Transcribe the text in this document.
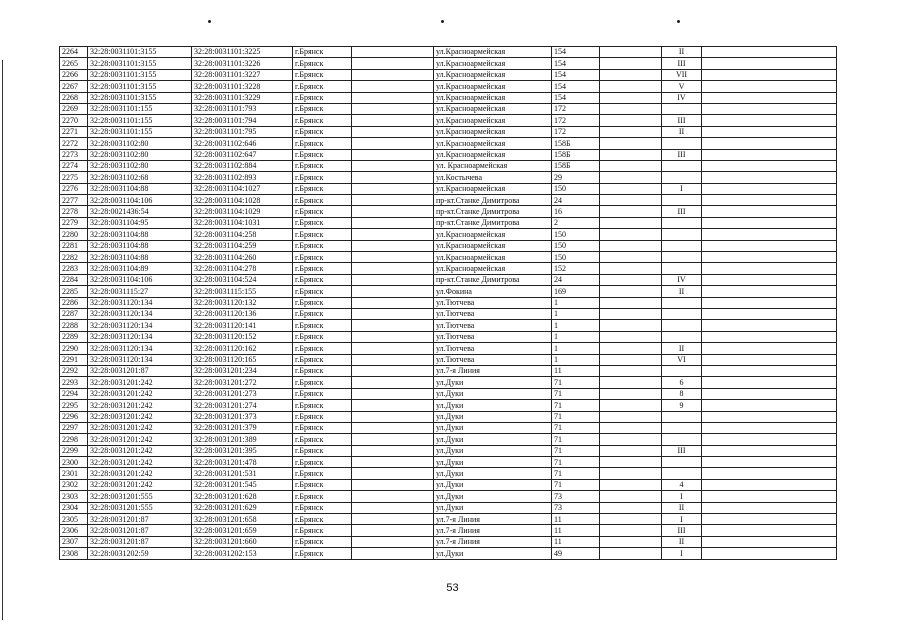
2264	32:28:0031101:3155	32:28:0031101:3225	г.Брянск		ул.Красноармейская	154		II	
2265	32:28:0031101:3155	32:28:0031101:3226	г.Брянск		ул.Красноармейская	154		III	
2266	32:28:0031101:3155	32:28:0031101:3227	г.Брянск		ул.Красноармейская	154		VII	
2267	32:28:0031101:3155	32:28:0031101:3228	г.Брянск		ул.Красноармейская	154		V	
2268	32:28:0031101:3155	32:28:0031101:3229	г.Брянск		ул.Красноармейская	154		IV	
2269	32:28:0031101:155	32:28:0031101:793	г.Брянск		ул.Красноармейская	172			
2270	32:28:0031101:155	32:28:0031101:794	г.Брянск		ул.Красноармейская	172		III	
2271	32:28:0031101:155	32:28:0031101:795	г.Брянск		ул.Красноармейская	172		II	
2272	32:28:0031102:80	32:28:0031102:646	г.Брянск		ул.Красноармейская	158Б			
2273	32:28:0031102:80	32:28:0031102:647	г.Брянск		ул.Красноармейская	158Б		III	
2274	32:28:0031102:80	32:28:0031102:884	г.Брянск		ул. Красноармейская	158Б			
2275	32:28:0031102:68	32:28:0031102:893	г.Брянск		ул.Костычева	29			
2276	32:28:0031104:88	32:28:0031104:1027	г.Брянск		ул.Красноармейская	150		I	
2277	32:28:0031104:106	32:28:0031104:1028	г.Брянск		пр-кт.Станке Димитрова	24			
2278	32:28:0021436:54	32:28:0031104:1029	г.Брянск		пр-кт.Станке Димитрова	16		III	
2279	32:28:0031104:95	32:28:0031104:1031	г.Брянск		пр-кт.Станке Димитрова	2			
2280	32:28:0031104:88	32:28:0031104:258	г.Брянск		ул.Красноармейская	150			
2281	32:28:0031104:88	32:28:0031104:259	г.Брянск		ул.Красноармейская	150			
2282	32:28:0031104:88	32:28:0031104:260	г.Брянск		ул.Красноармейская	150			
2283	32:28:0031104:89	32:28:0031104:278	г.Брянск		ул.Красноармейская	152			
2284	32:28:0031104:106	32:28:0031104:524	г.Брянск		пр-кт.Станке Димитрова	24		IV	
2285	32:28:0031115:27	32:28:0031115:155	г.Брянск		ул.Фокина	169		II	
2286	32:28:0031120:134	32:28:0031120:132	г.Брянск		ул.Тютчева	1			
2287	32:28:0031120:134	32:28:0031120:136	г.Брянск		ул.Тютчева	1			
2288	32:28:0031120:134	32:28:0031120:141	г.Брянск		ул.Тютчева	1			
2289	32:28:0031120:134	32:28:0031120:152	г.Брянск		ул.Тютчева	1			
2290	32:28:0031120:134	32:28:0031120:162	г.Брянск		ул.Тютчева	1		II	
2291	32:28:0031120:134	32:28:0031120:165	г.Брянск		ул.Тютчева	1		VI	
2292	32:28:0031201:87	32:28:0031201:234	г.Брянск		ул.7-я Линия	11			
2293	32:28:0031201:242	32:28:0031201:272	г.Брянск		ул.Дуки	71		6	
2294	32:28:0031201:242	32:28:0031201:273	г.Брянск		ул.Дуки	71		8	
2295	32:28:0031201:242	32:28:0031201:274	г.Брянск		ул.Дуки	71		9	
2296	32:28:0031201:242	32:28:0031201:373	г.Брянск		ул.Дуки	71			
2297	32:28:0031201:242	32:28:0031201:379	г.Брянск		ул.Дуки	71			
2298	32:28:0031201:242	32:28:0031201:389	г.Брянск		ул.Дуки	71			
2299	32:28:0031201:242	32:28:0031201:395	г.Брянск		ул.Дуки	71		III	
2300	32:28:0031201:242	32:28:0031201:478	г.Брянск		ул.Дуки	71			
2301	32:28:0031201:242	32:28:0031201:531	г.Брянск		ул.Дуки	71			
2302	32:28:0031201:242	32:28:0031201:545	г.Брянск		ул.Дуки	71		4	
2303	32:28:0031201:555	32:28:0031201:628	г.Брянск		ул.Дуки	73		I	
2304	32:28:0031201:555	32:28:0031201:629	г.Брянск		ул.Дуки	73		II	
2305	32:28:0031201:87	32:28:0031201:658	г.Брянск		ул.7-я Линия	11		I	
2306	32:28:0031201:87	32:28:0031201:659	г.Брянск		ул.7-я Линия	11		III	
2307	32:28:0031201:87	32:28:0031201:660	г.Брянск		ул.7-я Линия	11		II	
2308	32:28:0031202:59	32:28:0031202:153	г.Брянск		ул.Дуки	49		I	
53
